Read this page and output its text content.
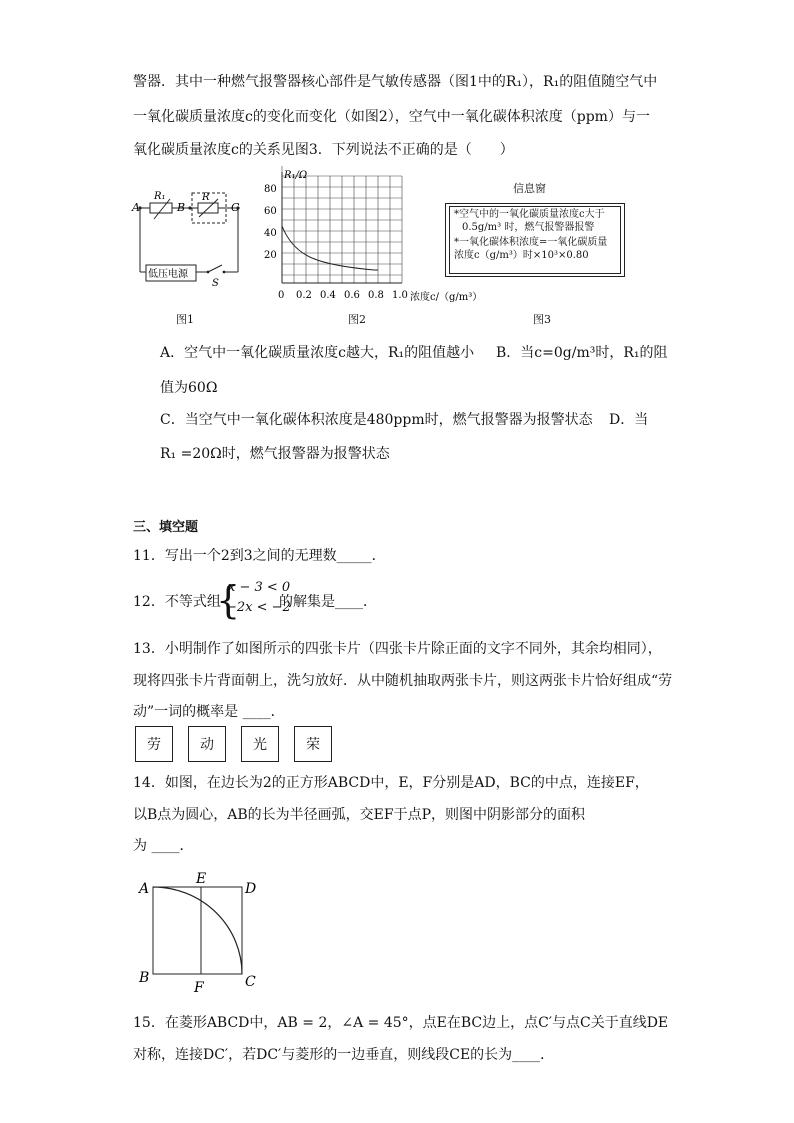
警器．其中一种燃气报警器核心部件是气敏传感器（图1中的R₁），R₁的阻值随空气中
一氧化碳质量浓度c的变化而变化（如图2），空气中一氧化碳体积浓度（ppm）与一
氧化碳质量浓度c的关系见图3．下列说法不正确的是（　　）
A
R₁
B
R
C
低压电源
S
图1
R₁/Ω
80
60
40
20
0 0.2 0.4 0.6 0.8 1.0 浓度c/（g/m³）
图2
信息窗
*空气中的一氧化碳质量浓度c大于
0.5g/m³ 时，燃气报警器报警
*一氧化碳体积浓度=一氧化碳质量
浓度c（g/m³）时×10³×0.80
图3
A．空气中一氧化碳质量浓度c越大，R₁的阻值越小 B．当c=0g/m³时，R₁的阻
值为60Ω
C．当空气中一氧化碳体积浓度是480ppm时，燃气报警器为报警状态 D．当
R₁ =20Ω时，燃气报警器为报警状态
三、填空题
11．写出一个2到3之间的无理数_____．
12．不等式组
{
x − 3 < 0
−2x < −2
的解集是____．
13．小明制作了如图所示的四张卡片（四张卡片除正面的文字不同外，其余均相同），
现将四张卡片背面朝上，洗匀放好．从中随机抽取两张卡片，则这两张卡片恰好组成“劳
动”一词的概率是 ____．
劳	动	光	荣
14．如图，在边长为2的正方形ABCD中，E，F分别是AD，BC的中点，连接EF，
以B点为圆心，AB的长为半径画弧，交EF于点P，则图中阴影部分的面积
为 ____．
A
E
D
B
F	C
15．在菱形ABCD中，AB = 2，∠A = 45°，点E在BC边上，点C′与点C关于直线DE
对称，连接DC′，若DC′与菱形的一边垂直，则线段CE的长为____．
